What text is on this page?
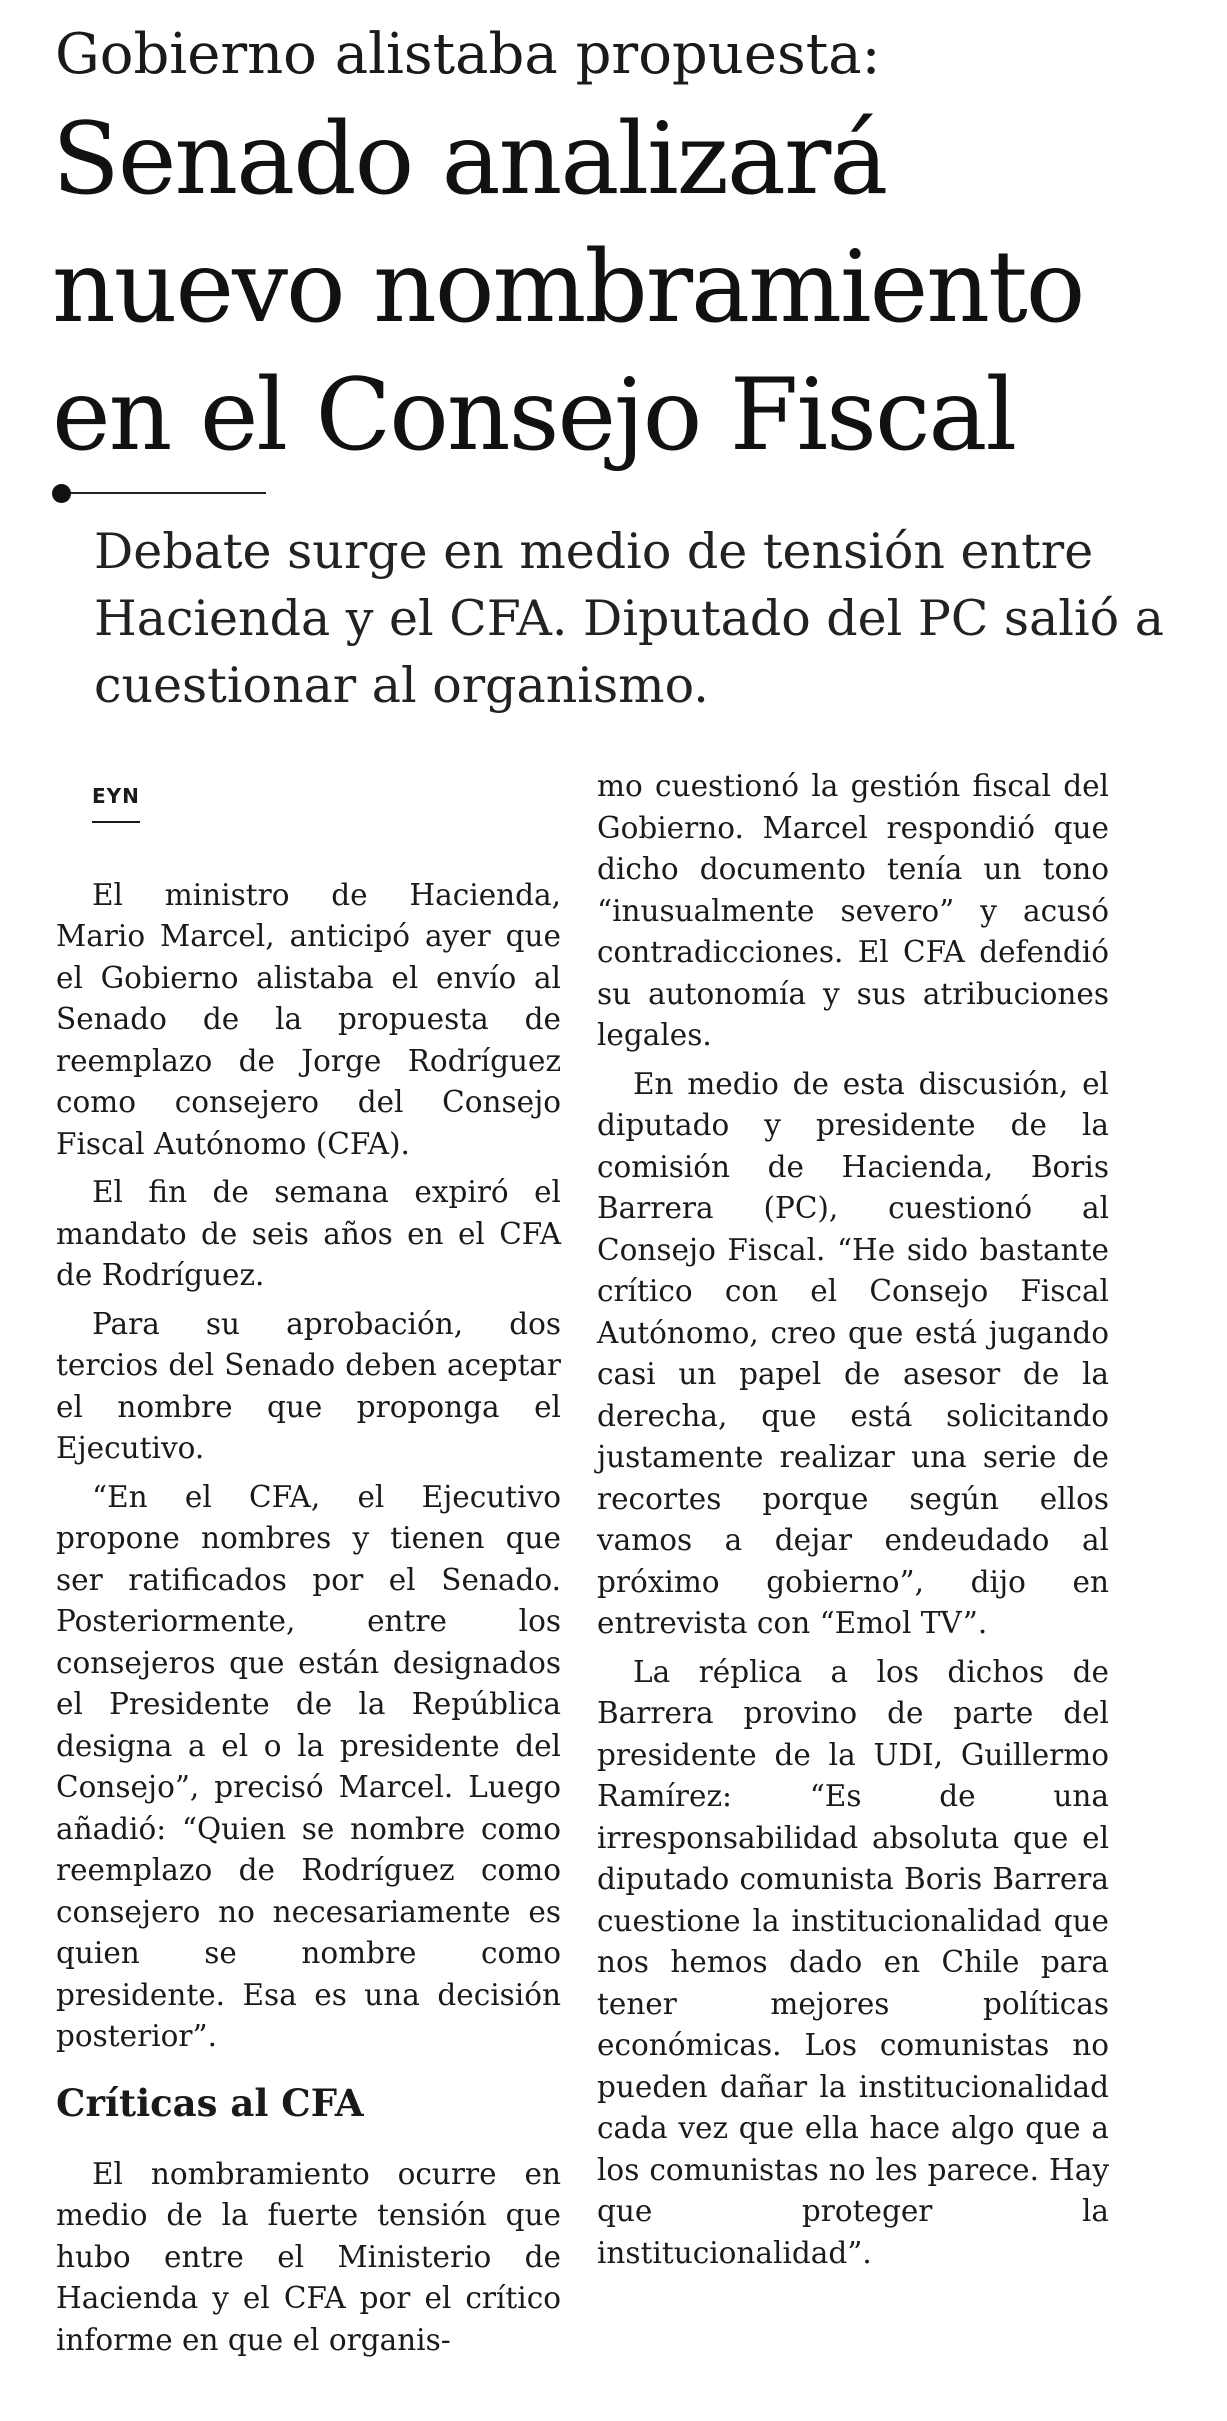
Gobierno alistaba propuesta:
Senado analizará nuevo nombramiento en el Consejo Fiscal
Debate surge en medio de tensión entre Hacienda y el CFA. Diputado del PC salió a cuestionar al organismo.
EYN

El ministro de Hacienda, Mario Marcel, anticipó ayer que el Gobierno alistaba el envío al Senado de la propuesta de reemplazo de Jorge Rodríguez como consejero del Consejo Fiscal Autónomo (CFA).

El fin de semana expiró el mandato de seis años en el CFA de Rodríguez.

Para su aprobación, dos tercios del Senado deben aceptar el nombre que proponga el Ejecutivo.

“En el CFA, el Ejecutivo propone nombres y tienen que ser ratificados por el Senado. Posteriormente, entre los consejeros que están designados el Presidente de la República designa a el o la presidente del Consejo”, precisó Marcel. Luego añadió: “Quien se nombre como reemplazo de Rodríguez como consejero no necesariamente es quien se nombre como presidente. Esa es una decisión posterior”.

Críticas al CFA

El nombramiento ocurre en medio de la fuerte tensión que hubo entre el Ministerio de Hacienda y el CFA por el crítico informe en que el organis-

mo cuestionó la gestión fiscal del Gobierno. Marcel respondió que dicho documento tenía un tono “inusualmente severo” y acusó contradicciones. El CFA defendió su autonomía y sus atribuciones legales.

En medio de esta discusión, el diputado y presidente de la comisión de Hacienda, Boris Barrera (PC), cuestionó al Consejo Fiscal. “He sido bastante crítico con el Consejo Fiscal Autónomo, creo que está jugando casi un papel de asesor de la derecha, que está solicitando justamente realizar una serie de recortes porque según ellos vamos a dejar endeudado al próximo gobierno”, dijo en entrevista con “Emol TV”.

La réplica a los dichos de Barrera provino de parte del presidente de la UDI, Guillermo Ramírez: “Es de una irresponsabilidad absoluta que el diputado comunista Boris Barrera cuestione la institucionalidad que nos hemos dado en Chile para tener mejores políticas económicas. Los comunistas no pueden dañar la institucionalidad cada vez que ella hace algo que a los comunistas no les parece. Hay que proteger la institucionalidad”.
